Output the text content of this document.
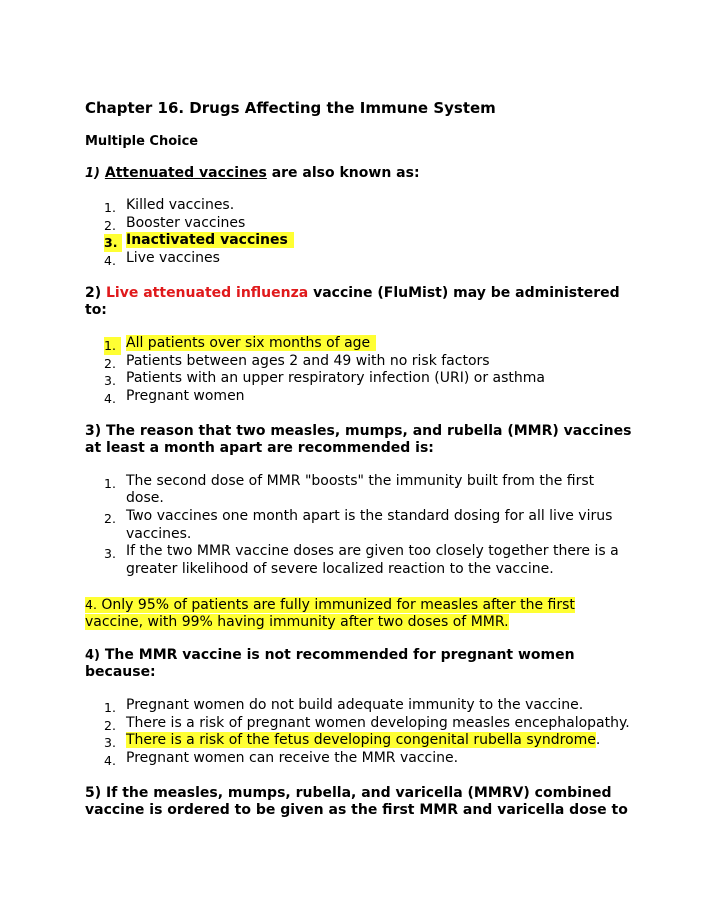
Chapter 16. Drugs Affecting the Immune System
Multiple Choice

1) Attenuated vaccines are also known as:

1. Killed vaccines.
2. Booster vaccines
3. Inactivated vaccines
4. Live vaccines

2) Live attenuated influenza vaccine (FluMist) may be administered to:

1. All patients over six months of age
2. Patients between ages 2 and 49 with no risk factors
3. Patients with an upper respiratory infection (URI) or asthma
4. Pregnant women

3) The reason that two measles, mumps, and rubella (MMR) vaccines at least a month apart are recommended is:

1. The second dose of MMR "boosts" the immunity built from the first dose.
2. Two vaccines one month apart is the standard dosing for all live virus vaccines.
3. If the two MMR vaccine doses are given too closely together there is a greater likelihood of severe localized reaction to the vaccine.

4. Only 95% of patients are fully immunized for measles after the first vaccine, with 99% having immunity after two doses of MMR.

4) The MMR vaccine is not recommended for pregnant women because:

1. Pregnant women do not build adequate immunity to the vaccine.
2. There is a risk of pregnant women developing measles encephalopathy.
3. There is a risk of the fetus developing congenital rubella syndrome.
4. Pregnant women can receive the MMR vaccine.

5) If the measles, mumps, rubella, and varicella (MMRV) combined vaccine is ordered to be given as the first MMR and varicella dose to
